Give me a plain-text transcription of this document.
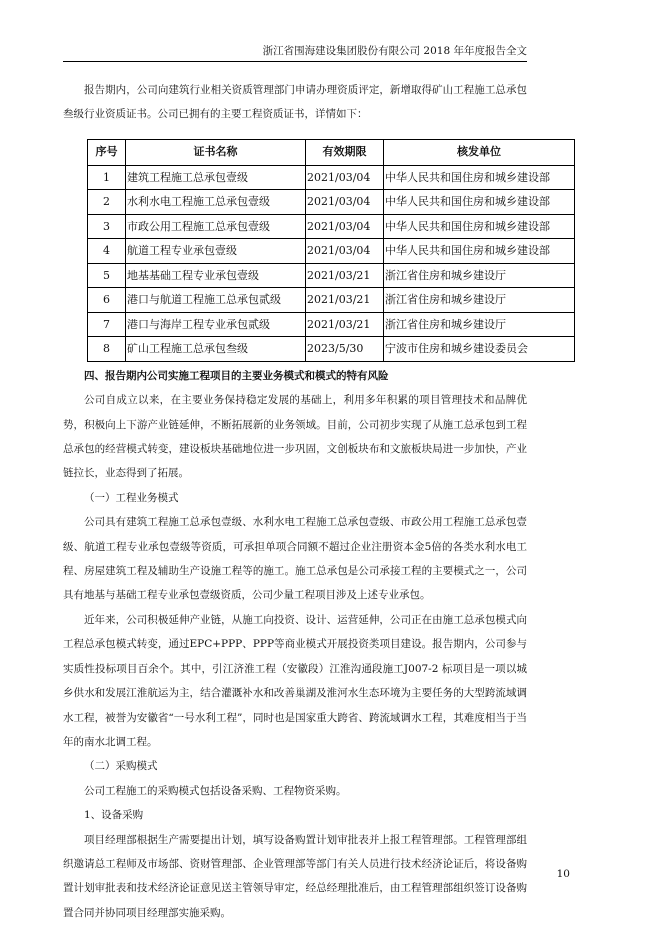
浙江省围海建设集团股份有限公司 2018 年年度报告全文

报告期内，公司向建筑行业相关资质管理部门申请办理资质评定，新增取得矿山工程施工总承包叁级行业资质证书。公司已拥有的主要工程资质证书，详情如下：

序号	证书名称	有效期限	核发单位
1	建筑工程施工总承包壹级	2021/03/04	中华人民共和国住房和城乡建设部
2	水利水电工程施工总承包壹级	2021/03/04	中华人民共和国住房和城乡建设部
3	市政公用工程施工总承包壹级	2021/03/04	中华人民共和国住房和城乡建设部
4	航道工程专业承包壹级	2021/03/04	中华人民共和国住房和城乡建设部
5	地基基础工程专业承包壹级	2021/03/21	浙江省住房和城乡建设厅
6	港口与航道工程施工总承包贰级	2021/03/21	浙江省住房和城乡建设厅
7	港口与海岸工程专业承包贰级	2021/03/21	浙江省住房和城乡建设厅
8	矿山工程施工总承包叁级	2023/5/30	宁波市住房和城乡建设委员会

四、报告期内公司实施工程项目的主要业务模式和模式的特有风险

公司自成立以来，在主要业务保持稳定发展的基础上，利用多年积累的项目管理技术和品牌优势，积极向上下游产业链延伸，不断拓展新的业务领域。目前，公司初步实现了从施工总承包到工程总承包的经营模式转变，建设板块基础地位进一步巩固，文创板块布和文旅板块局进一步加快，产业链拉长，业态得到了拓展。

（一）工程业务模式

公司具有建筑工程施工总承包壹级、水利水电工程施工总承包壹级、市政公用工程施工总承包壹级、航道工程专业承包壹级等资质，可承担单项合同额不超过企业注册资本金5倍的各类水利水电工程、房屋建筑工程及辅助生产设施工程等的施工。施工总承包是公司承接工程的主要模式之一，公司具有地基与基础工程专业承包壹级资质，公司少量工程项目涉及上述专业承包。

近年来，公司积极延伸产业链，从施工向投资、设计、运营延伸，公司正在由施工总承包模式向工程总承包模式转变，通过EPC+PPP、PPP等商业模式开展投资类项目建设。报告期内，公司参与实质性投标项目百余个。其中，引江济淮工程（安徽段）江淮沟通段施工J007-2 标项目是一项以城乡供水和发展江淮航运为主，结合灌溉补水和改善巢湖及淮河水生态环境为主要任务的大型跨流域调水工程，被誉为安徽省“一号水利工程”，同时也是国家重大跨省、跨流域调水工程，其难度相当于当年的南水北调工程。

（二）采购模式

公司工程施工的采购模式包括设备采购、工程物资采购。

1、设备采购

项目经理部根据生产需要提出计划，填写设备购置计划审批表并上报工程管理部。工程管理部组织邀请总工程师及市场部、资财管理部、企业管理部等部门有关人员进行技术经济论证后，将设备购置计划审批表和技术经济论证意见送主管领导审定，经总经理批准后，由工程管理部组织签订设备购置合同并协同项目经理部实施采购。

10
